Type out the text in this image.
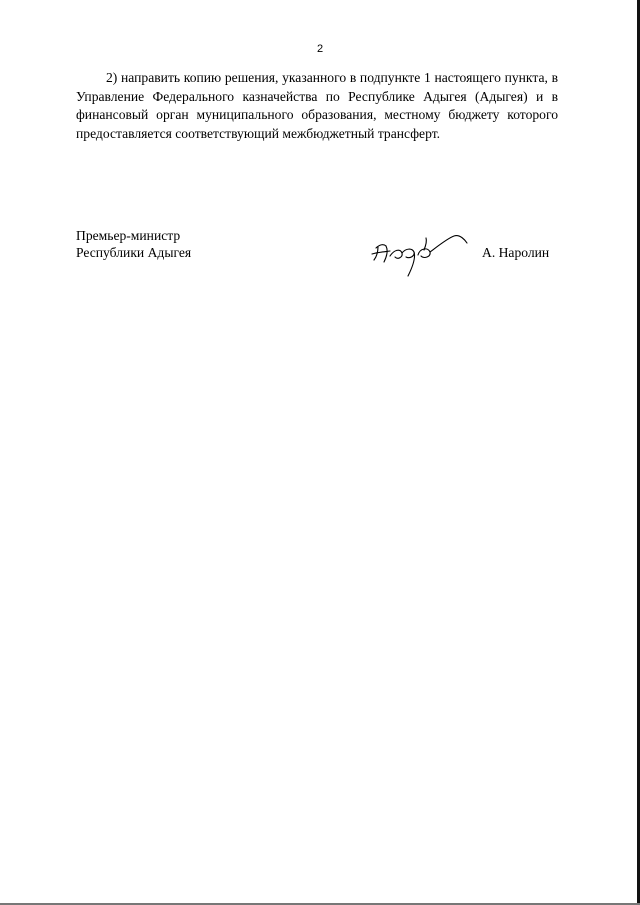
2

2) направить копию решения, указанного в подпункте 1 настоящего пункта, в Управление Федерального казначейства по Республике Адыгея (Адыгея) и в финансовый орган муниципального образования, местному бюджету которого предоставляется соответствующий межбюджетный трансферт.

Премьер-министр
Республики Адыгея	А. Наролин
